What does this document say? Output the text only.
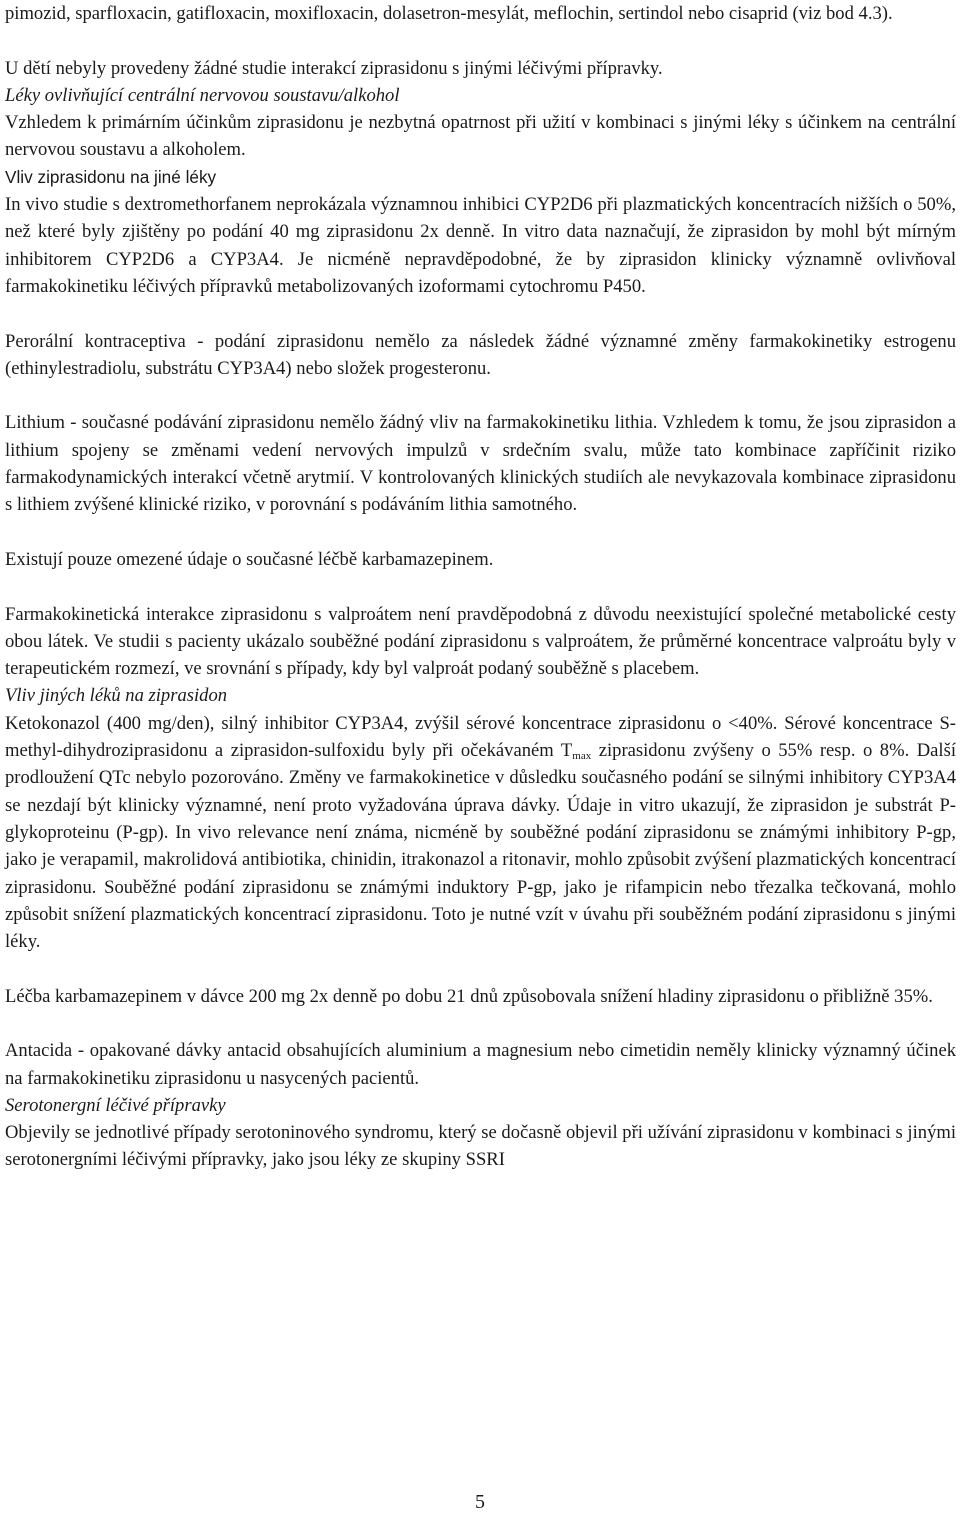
pimozid, sparfloxacin, gatifloxacin, moxifloxacin, dolasetron-mesylát, meflochin, sertindol nebo cisaprid (viz bod 4.3).

U dětí nebyly provedeny žádné studie interakcí ziprasidonu s jinými léčivými přípravky.

Léky ovlivňující centrální nervovou soustavu/alkohol

Vzhledem k primárním účinkům ziprasidonu je nezbytná opatrnost při užití v kombinaci s jinými léky s účinkem na centrální nervovou soustavu a alkoholem.

Vliv ziprasidonu na jiné léky

In vivo studie s dextromethorfanem neprokázala významnou inhibici CYP2D6 při plazmatických koncentracích nižších o 50%, než které byly zjištěny po podání 40 mg ziprasidonu 2x denně. In vitro data naznačují, že ziprasidon by mohl být mírným inhibitorem CYP2D6 a CYP3A4. Je nicméně nepravděpodobné, že by ziprasidon klinicky významně ovlivňoval farmakokinetiku léčivých přípravků metabolizovaných izoformami cytochromu P450.

Perorální kontraceptiva - podání ziprasidonu nemělo za následek žádné významné změny farmakokinetiky estrogenu (ethinylestradiolu, substrátu CYP3A4) nebo složek progesteronu.

Lithium - současné podávání ziprasidonu nemělo žádný vliv na farmakokinetiku lithia. Vzhledem k tomu, že jsou ziprasidon a lithium spojeny se změnami vedení nervových impulzů v srdečním svalu, může tato kombinace zapříčinit riziko farmakodynamických interakcí včetně arytmií. V kontrolovaných klinických studiích ale nevykazovala kombinace ziprasidonu s lithiem zvýšené klinické riziko, v porovnání s podáváním lithia samotného.

Existují pouze omezené údaje o současné léčbě karbamazepinem.

Farmakokinetická interakce ziprasidonu s valproátem není pravděpodobná z důvodu neexistující společné metabolické cesty obou látek. Ve studii s pacienty ukázalo souběžné podání ziprasidonu s valproátem, že průměrné koncentrace valproátu byly v terapeutickém rozmezí, ve srovnání s případy, kdy byl valproát podaný souběžně s placebem.

Vliv jiných léků na ziprasidon

Ketokonazol (400 mg/den), silný inhibitor CYP3A4, zvýšil sérové koncentrace ziprasidonu o <40%. Sérové koncentrace S-methyl-dihydroziprasidonu a ziprasidon-sulfoxidu byly při očekávaném $T_{max}$ ziprasidonu zvýšeny o 55% resp. o 8%. Další prodloužení QTc nebylo pozorováno. Změny ve farmakokinetice v důsledku současného podání se silnými inhibitory CYP3A4 se nezdají být klinicky významné, není proto vyžadována úprava dávky. Údaje in vitro ukazují, že ziprasidon je substrát P-glykoproteinu (P-gp). In vivo relevance není známa, nicméně by souběžné podání ziprasidonu se známými inhibitory P-gp, jako je verapamil, makrolidová antibiotika, chinidin, itrakonazol a ritonavir, mohlo způsobit zvýšení plazmatických koncentrací ziprasidonu. Souběžné podání ziprasidonu se známými induktory P-gp, jako je rifampicin nebo třezalka tečkovaná, mohlo způsobit snížení plazmatických koncentrací ziprasidonu. Toto je nutné vzít v úvahu při souběžném podání ziprasidonu s jinými léky.

Léčba karbamazepinem v dávce 200 mg 2x denně po dobu 21 dnů způsobovala snížení hladiny ziprasidonu o přibližně 35%.

Antacida - opakované dávky antacid obsahujících aluminium a magnesium nebo cimetidin neměly klinicky významný účinek na farmakokinetiku ziprasidonu u nasycených pacientů.

Serotonergní léčivé přípravky

Objevily se jednotlivé případy serotoninového syndromu, který se dočasně objevil při užívání ziprasidonu v kombinaci s jinými serotonergními léčivými přípravky, jako jsou léky ze skupiny SSRI

5
